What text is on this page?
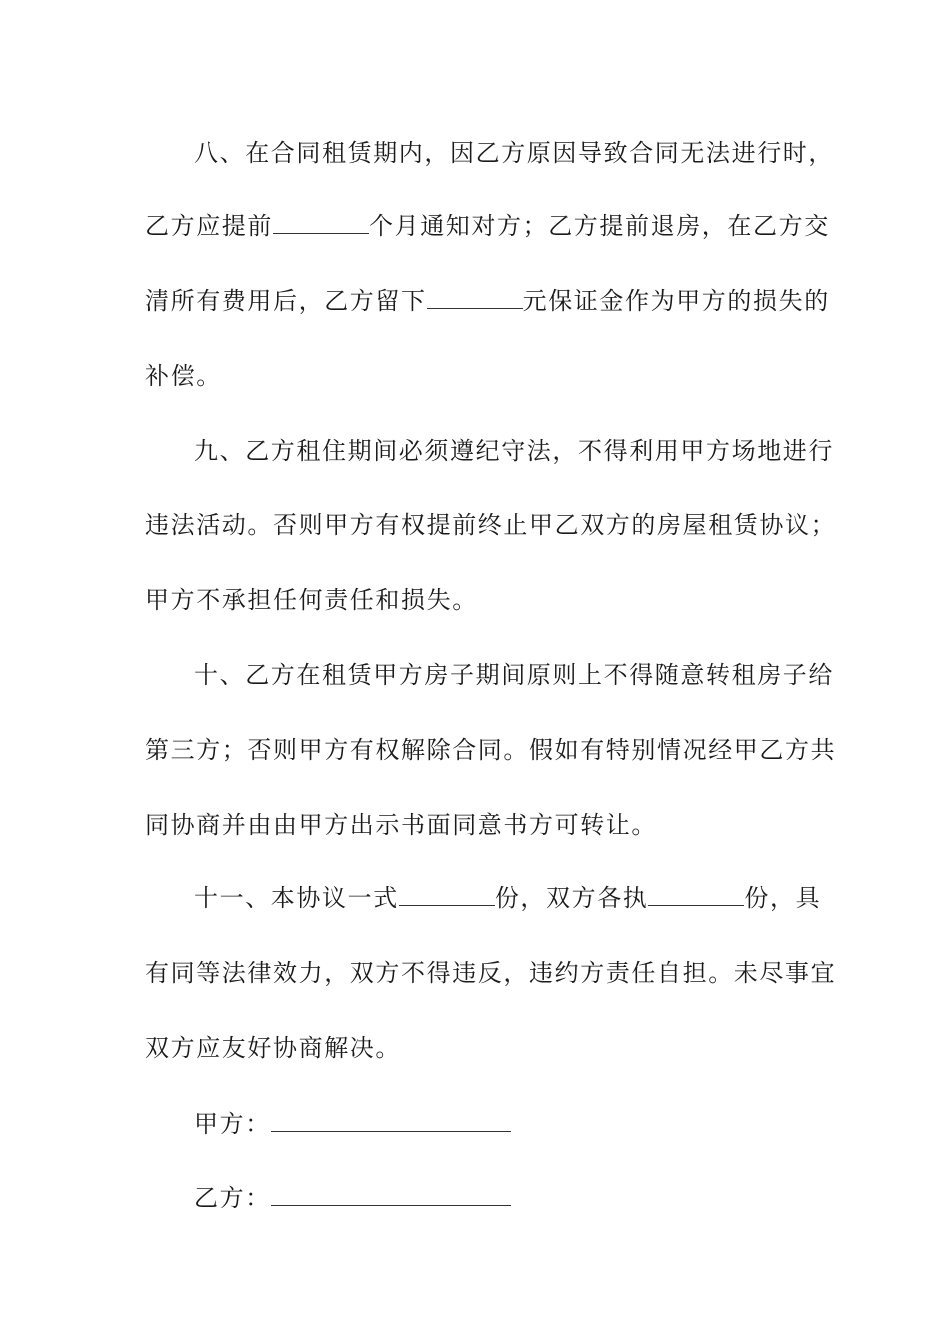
八、在合同租赁期内，因乙方原因导致合同无法进行时，
乙方应提前	个月通知对方；乙方提前退房，在乙方交
清所有费用后，乙方留下	元保证金作为甲方的损失的
补偿。
九、乙方租住期间必须遵纪守法，不得利用甲方场地进行
违法活动。否则甲方有权提前终止甲乙双方的房屋租赁协议；
甲方不承担任何责任和损失。
十、乙方在租赁甲方房子期间原则上不得随意转租房子给
第三方；否则甲方有权解除合同。假如有特别情况经甲乙方共
同协商并由由甲方出示书面同意书方可转让。
十一、本协议一式	份，双方各执	份，具
有同等法律效力，双方不得违反，违约方责任自担。未尽事宜
双方应友好协商解决。
甲方：
乙方：
